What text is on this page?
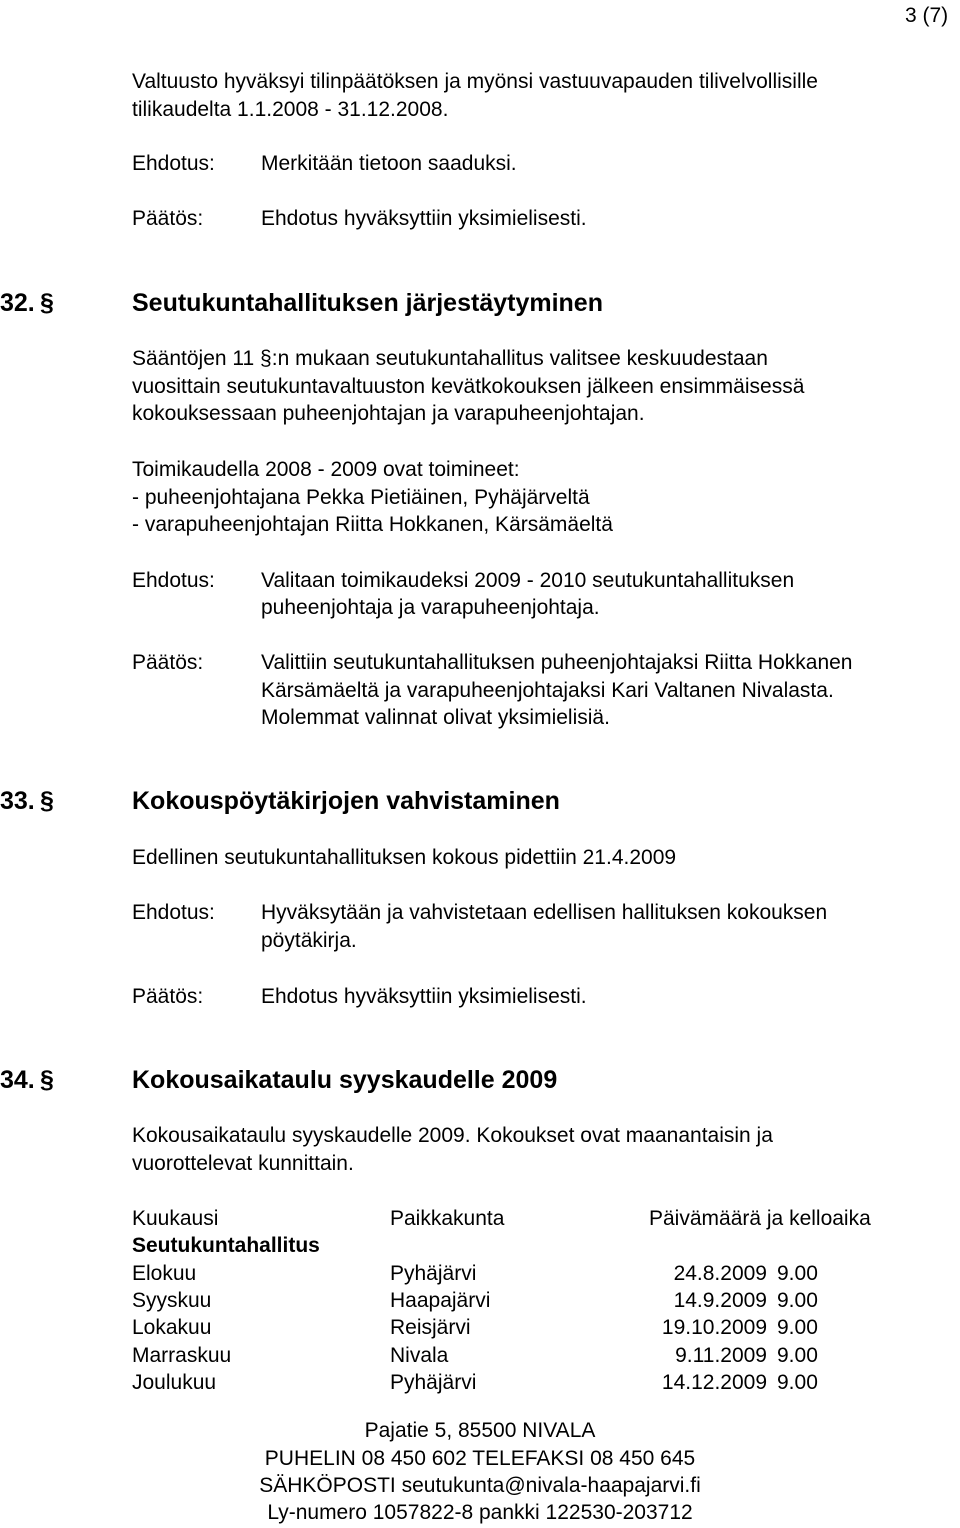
3 (7)
Valtuusto hyväksyi tilinpäätöksen ja myönsi vastuuvapauden tilivelvollisille
tilikaudelta 1.1.2008 - 31.12.2008.
Ehdotus: Merkitään tietoon saaduksi.
Päätös:	Ehdotus hyväksyttiin yksimielisesti.
32. §	Seutukuntahallituksen järjestäytyminen
Sääntöjen 11 §:n mukaan seutukuntahallitus valitsee keskuudestaan
vuosittain seutukuntavaltuuston kevätkokouksen jälkeen ensimmäisessä
kokouksessaan puheenjohtajan ja varapuheenjohtajan.
Toimikaudella 2008 - 2009 ovat toimineet:
- puheenjohtajana Pekka Pietiäinen, Pyhäjärveltä
- varapuheenjohtajan Riitta Hokkanen, Kärsämäeltä
Ehdotus: Valitaan toimikaudeksi 2009 - 2010 seutukuntahallituksen
puheenjohtaja ja varapuheenjohtaja.
Päätös:	Valittiin seutukuntahallituksen puheenjohtajaksi Riitta Hokkanen
Kärsämäeltä ja varapuheenjohtajaksi Kari Valtanen Nivalasta.
Molemmat valinnat olivat yksimielisiä.
33. §	Kokouspöytäkirjojen vahvistaminen
Edellinen seutukuntahallituksen kokous pidettiin 21.4.2009
Ehdotus: Hyväksytään ja vahvistetaan edellisen hallituksen kokouksen
pöytäkirja.
Päätös:	Ehdotus hyväksyttiin yksimielisesti.
34. §	Kokousaikataulu syyskaudelle 2009
Kokousaikataulu syyskaudelle 2009. Kokoukset ovat maanantaisin ja
vuorottelevat kunnittain.
Kuukausi	Paikkakunta	Päivämäärä ja kelloaika
Seutukuntahallitus
Elokuu	Pyhäjärvi	24.8.2009 9.00
Syyskuu	Haapajärvi	14.9.2009 9.00
Lokakuu	Reisjärvi	19.10.2009 9.00
Marraskuu	Nivala	9.11.2009 9.00
Joulukuu	Pyhäjärvi	14.12.2009 9.00
Pajatie 5, 85500 NIVALA
PUHELIN 08 450 602 TELEFAKSI 08 450 645
SÄHKÖPOSTI seutukunta@nivala-haapajarvi.fi
Ly-numero 1057822-8 pankki 122530-203712
